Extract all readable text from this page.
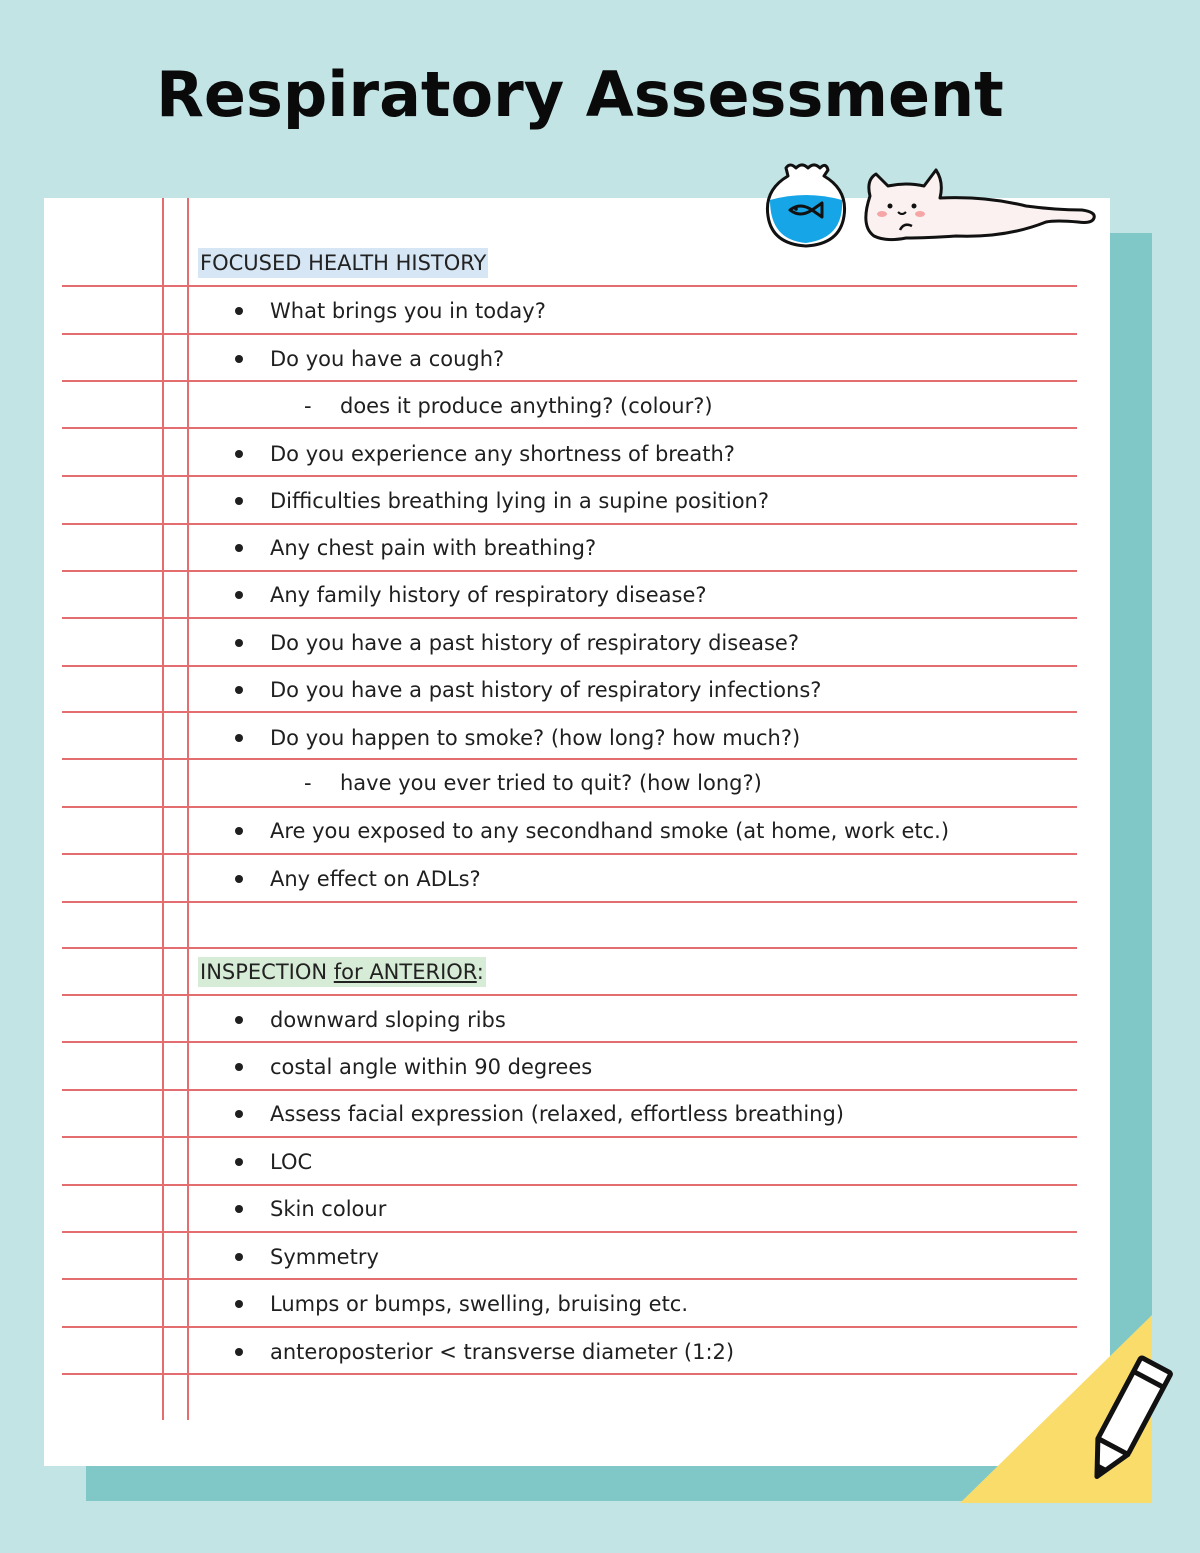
Respiratory Assessment
FOCUSED HEALTH HISTORY
What brings you in today?
Do you have a cough?
- does it produce anything? (colour?)
Do you experience any shortness of breath?
Difficulties breathing lying in a supine position?
Any chest pain with breathing?
Any family history of respiratory disease?
Do you have a past history of respiratory disease?
Do you have a past history of respiratory infections?
Do you happen to smoke? (how long? how much?)
- have you ever tried to quit? (how long?)
Are you exposed to any secondhand smoke (at home, work etc.)
Any effect on ADLs?
INSPECTION for ANTERIOR:
downward sloping ribs
costal angle within 90 degrees
Assess facial expression (relaxed, effortless breathing)
LOC
Skin colour
Symmetry
Lumps or bumps, swelling, bruising etc.
anteroposterior < transverse diameter (1:2)
